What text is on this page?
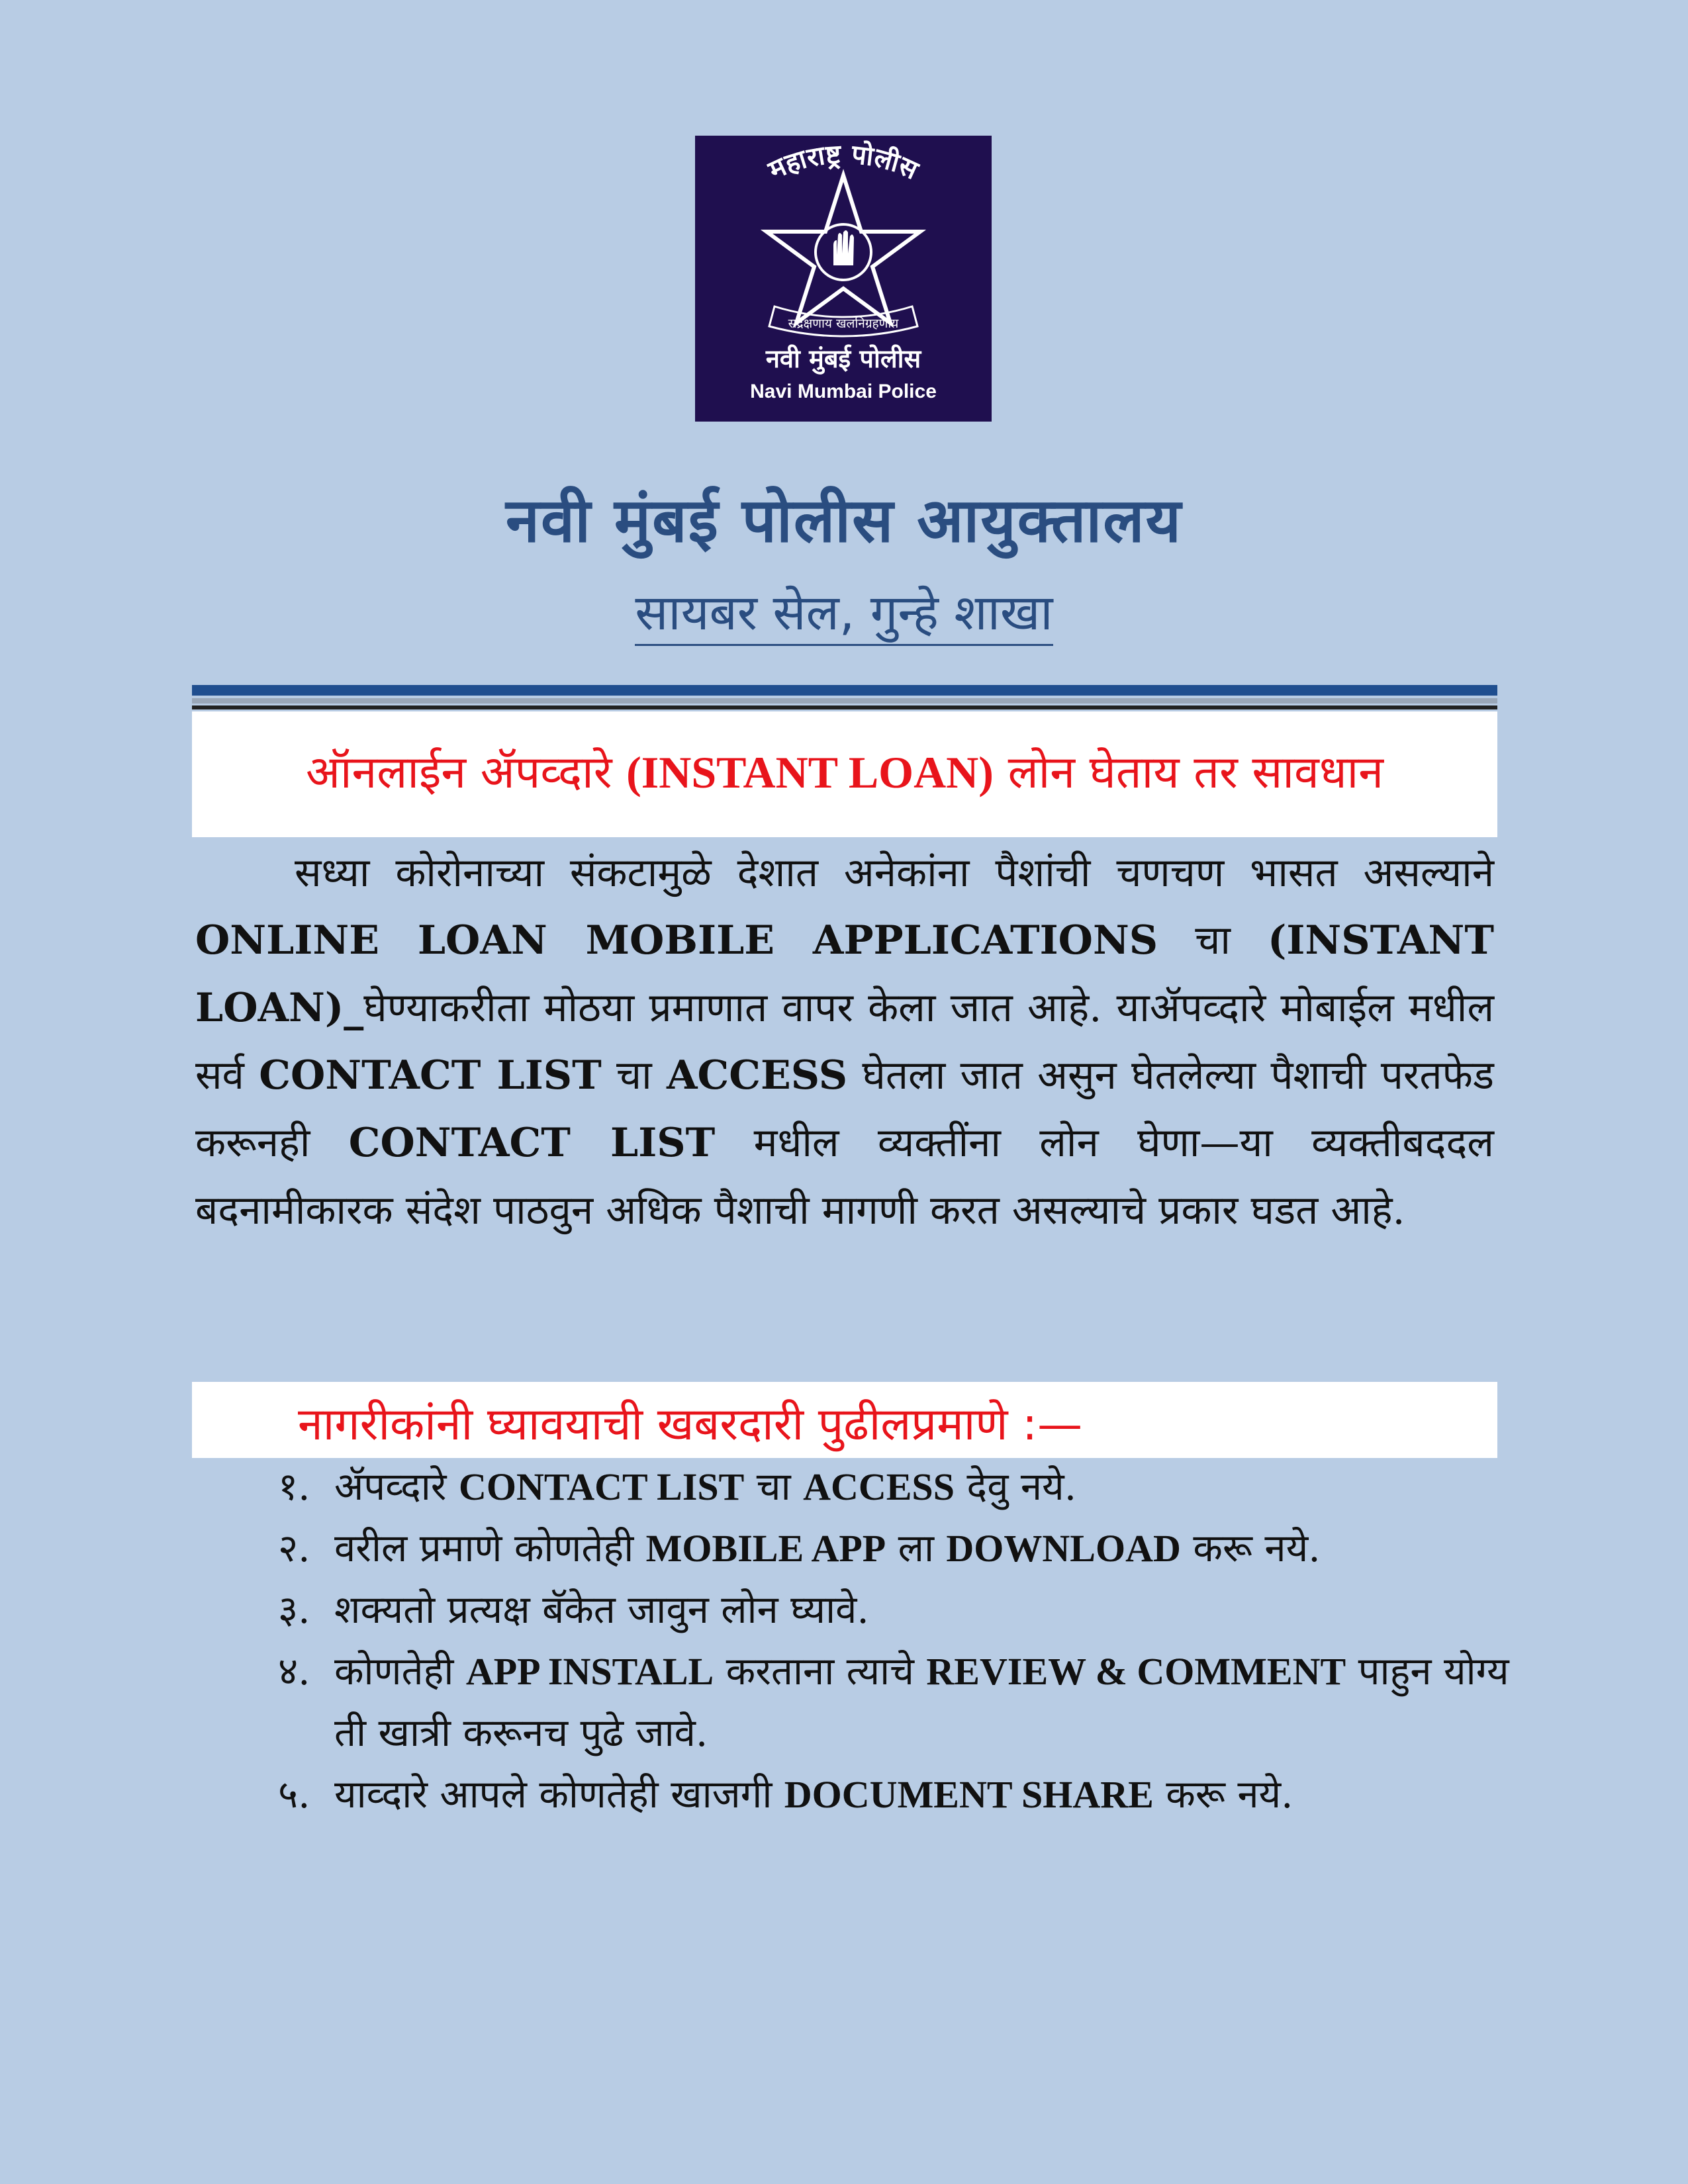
महाराष्ट्र पोलीस
सद्रक्षणाय खलनिग्रहणाय
नवी मुंबई पोलीस
Navi Mumbai Police
नवी मुंबई पोलीस आयुक्तालय
सायबर सेल, गुन्हे शाखा
ऑनलाईन ॲपव्दारे (INSTANT LOAN) लोन घेताय तर सावधान
सध्या कोरोनाच्या संकटामुळे देशात अनेकांना पैशांची चणचण भासत असल्याने ONLINE LOAN MOBILE APPLICATIONS चा (INSTANT LOAN)_घेण्याकरीता मोठया प्रमाणात वापर केला जात आहे. याॲपव्दारे मोबाईल मधील सर्व CONTACT LIST चा ACCESS घेतला जात असुन घेतलेल्या पैशाची परतफेड करूनही CONTACT LIST मधील व्यक्तींना लोन घेणा—या व्यक्तीबददल बदनामीकारक संदेश पाठवुन अधिक पैशाची मागणी करत असल्याचे प्रकार घडत आहे.
नागरीकांनी घ्यावयाची खबरदारी पुढीलप्रमाणे :—
१. ॲपव्दारे CONTACT LIST चा ACCESS देवु नये.
२. वरील प्रमाणे कोणतेही MOBILE APP ला DOWNLOAD करू नये.
३. शक्यतो प्रत्यक्ष बॅकेत जावुन लोन घ्यावे.
४. कोणतेही APP INSTALL करताना त्याचे REVIEW & COMMENT पाहुन योग्य ती खात्री करूनच पुढे जावे.
५. याव्दारे आपले कोणतेही खाजगी DOCUMENT SHARE करू नये.
